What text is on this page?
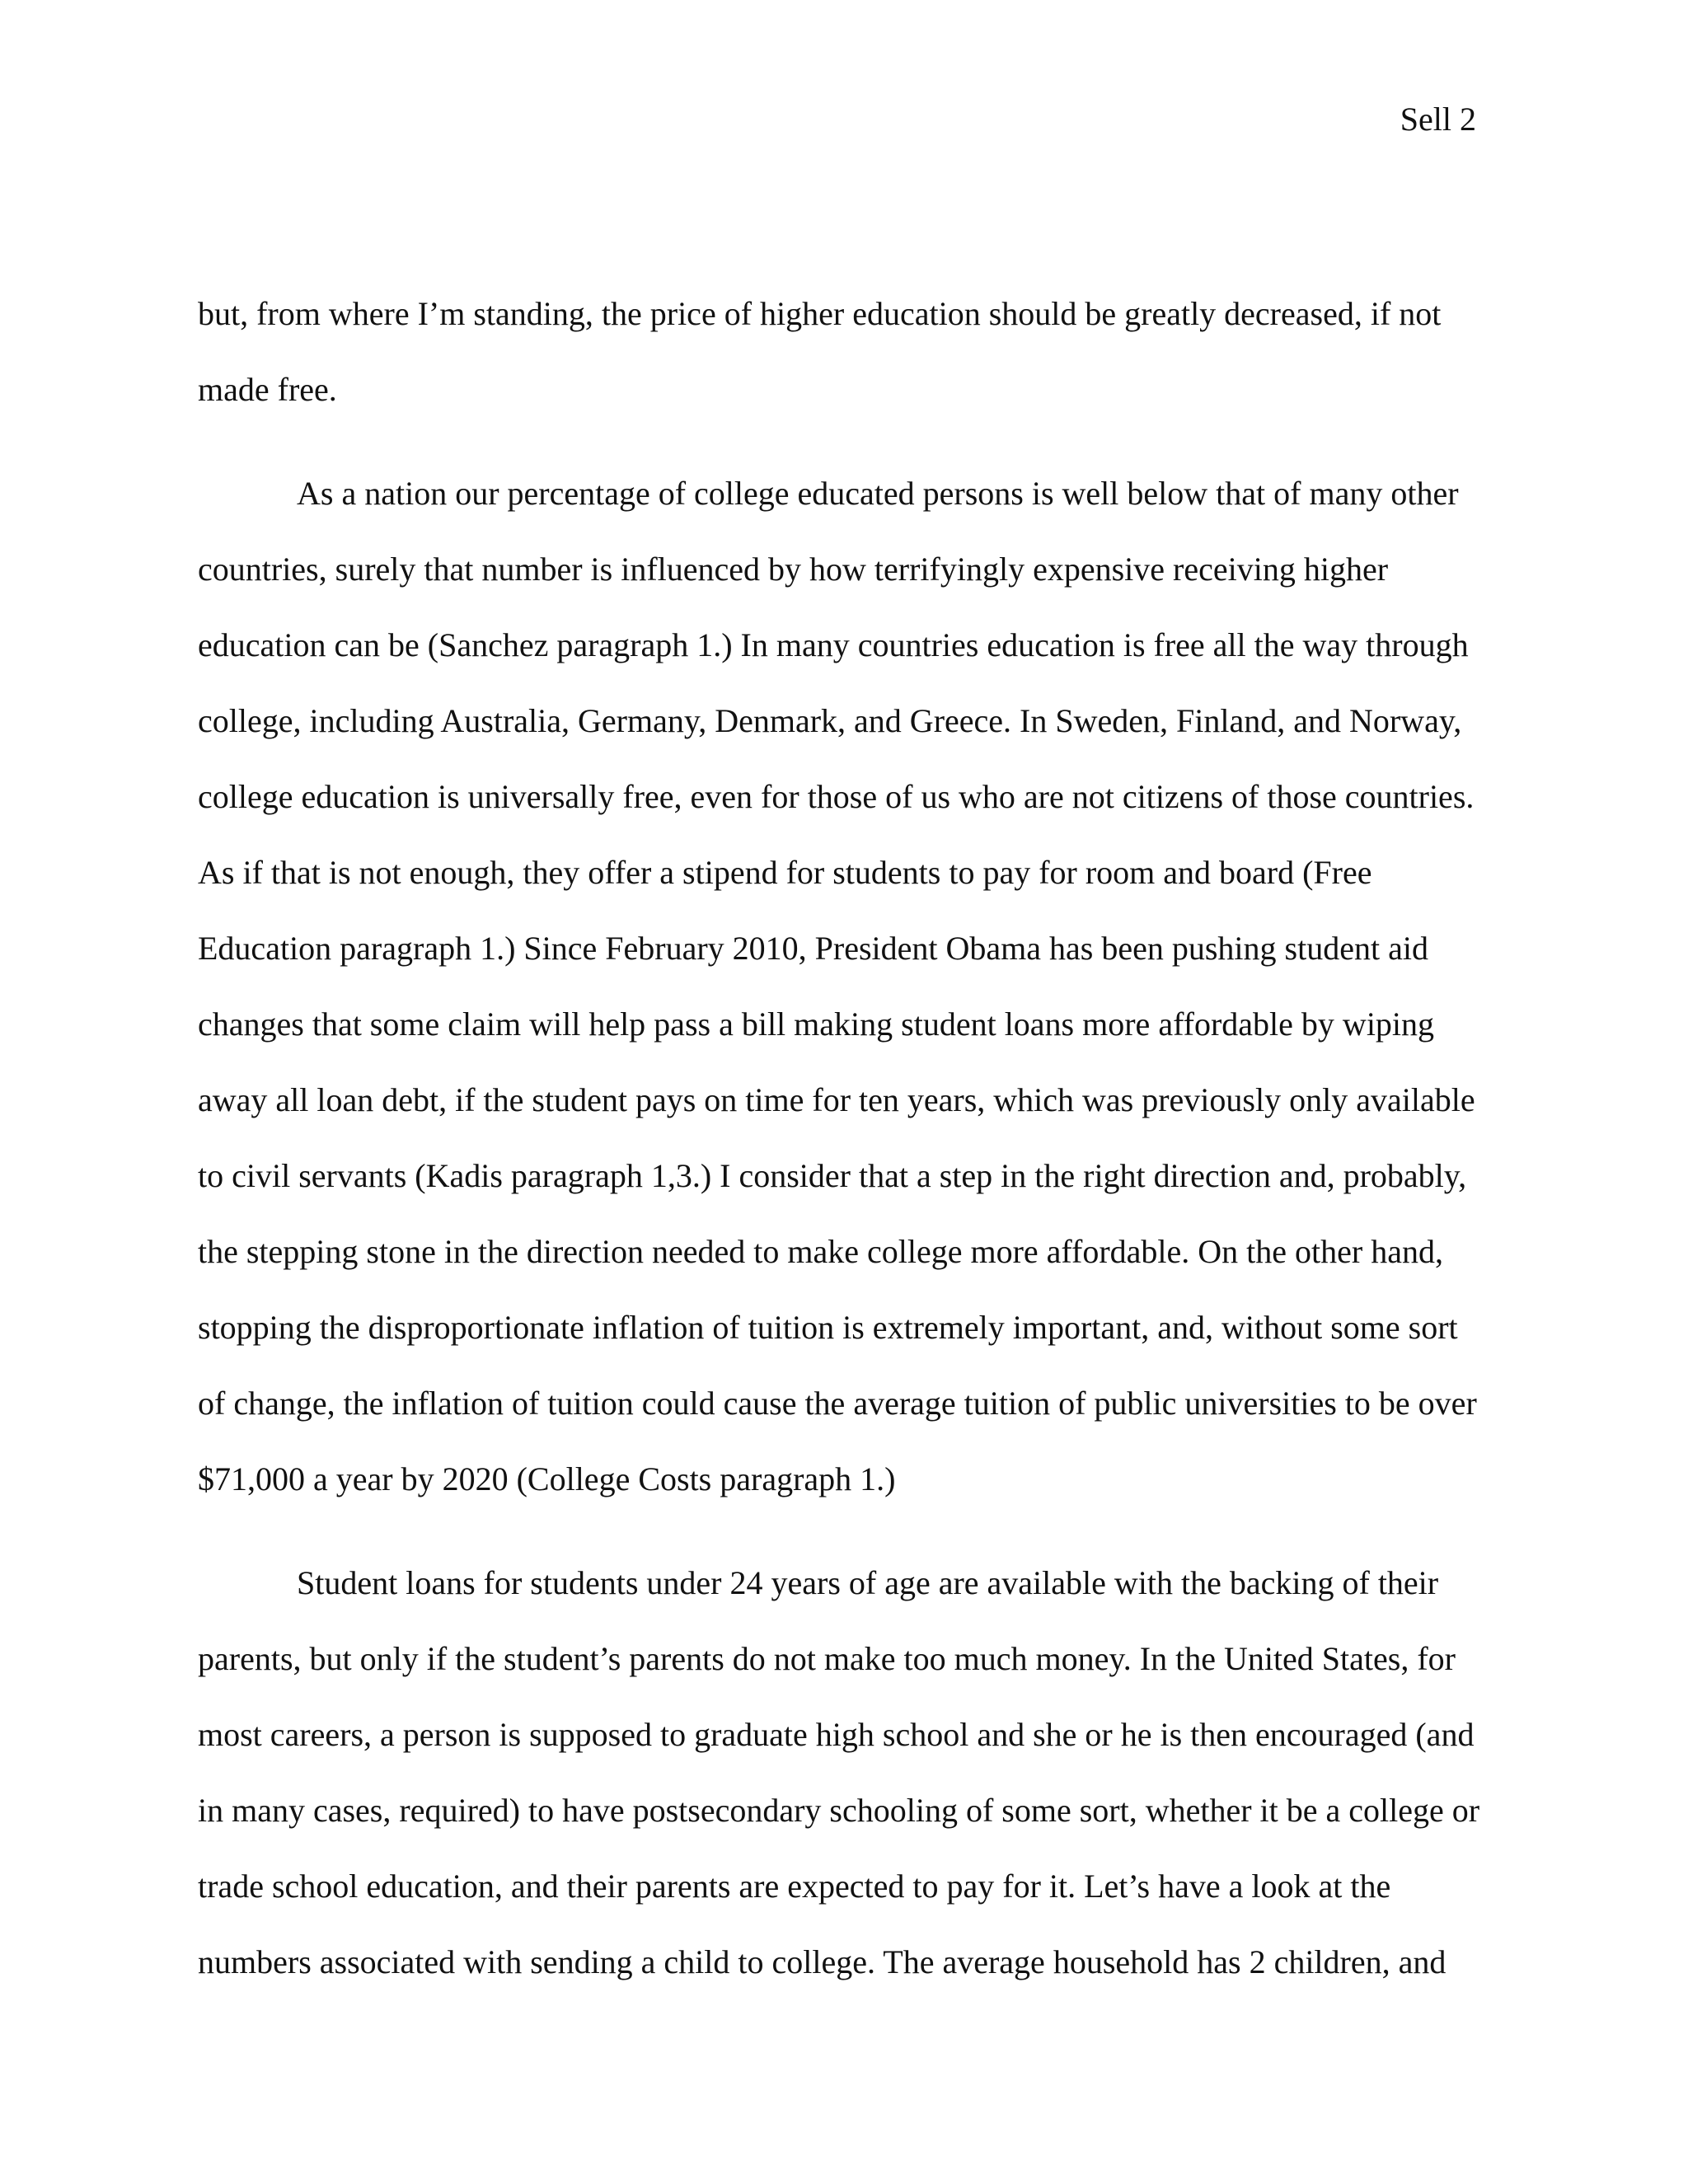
Sell 2
but, from where I’m standing, the price of higher education should be greatly decreased, if not
made free.
As a nation our percentage of college educated persons is well below that of many other
countries, surely that number is influenced by how terrifyingly expensive receiving higher
education can be (Sanchez paragraph 1.) In many countries education is free all the way through
college, including Australia, Germany, Denmark, and Greece. In Sweden, Finland, and Norway,
college education is universally free, even for those of us who are not citizens of those countries.
As if that is not enough, they offer a stipend for students to pay for room and board (Free
Education paragraph 1.) Since February 2010, President Obama has been pushing student aid
changes that some claim will help pass a bill making student loans more affordable by wiping
away all loan debt, if the student pays on time for ten years, which was previously only available
to civil servants (Kadis paragraph 1,3.) I consider that a step in the right direction and, probably,
the stepping stone in the direction needed to make college more affordable. On the other hand,
stopping the disproportionate inflation of tuition is extremely important, and, without some sort
of change, the inflation of tuition could cause the average tuition of public universities to be over
$71,000 a year by 2020 (College Costs paragraph 1.)
Student loans for students under 24 years of age are available with the backing of their
parents, but only if the student’s parents do not make too much money. In the United States, for
most careers, a person is supposed to graduate high school and she or he is then encouraged (and
in many cases, required) to have postsecondary schooling of some sort, whether it be a college or
trade school education, and their parents are expected to pay for it. Let’s have a look at the
numbers associated with sending a child to college. The average household has 2 children, and
